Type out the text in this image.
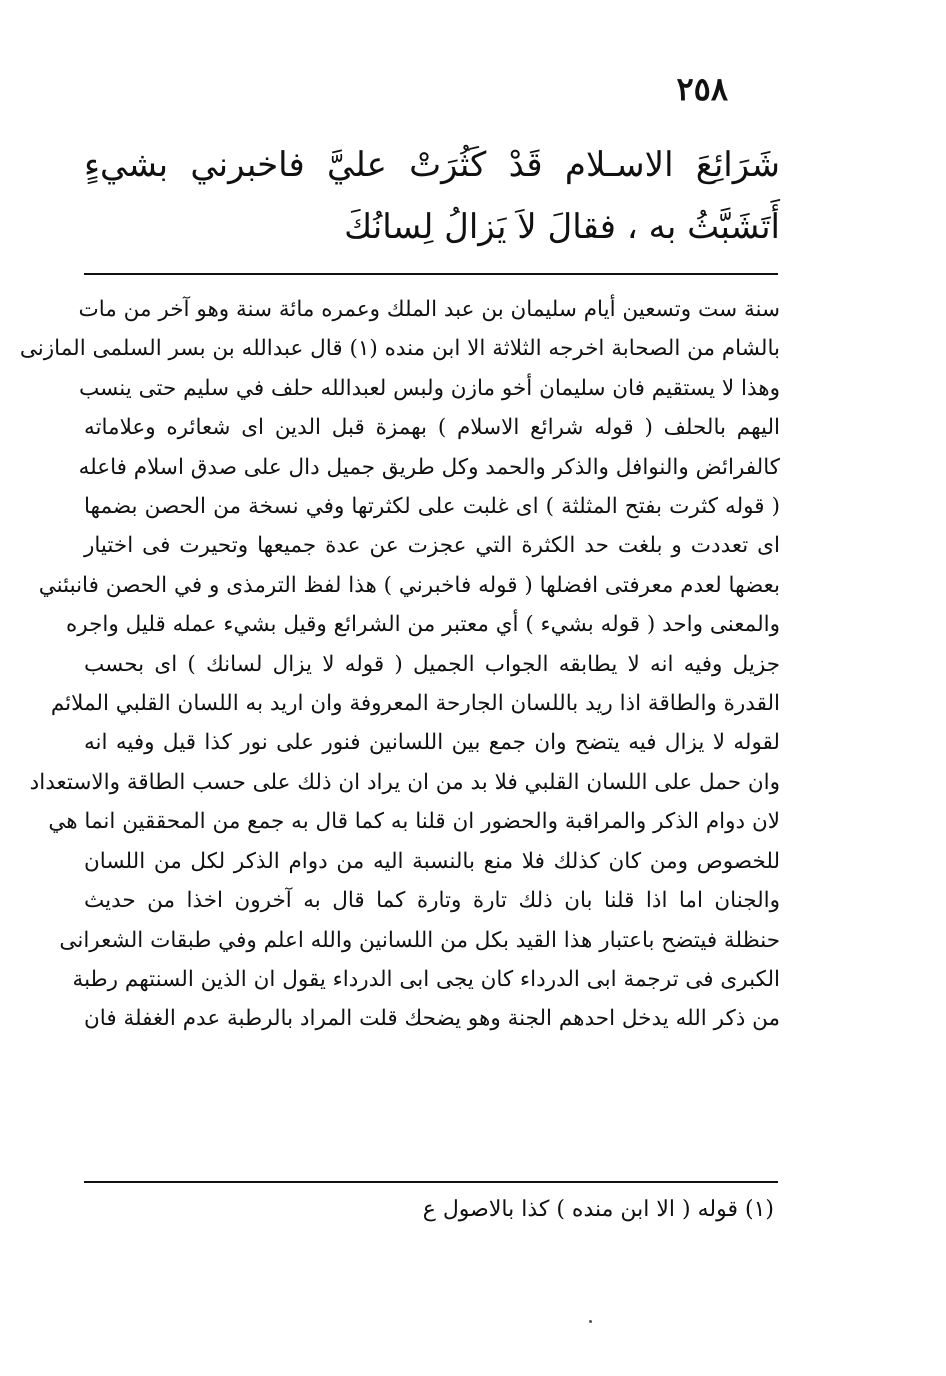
٢٥٨

شَرَائِعَ الاسـلام قَدْ كَثُرَتْ عليَّ فاخبرني بشيءٍ أَتَشَبَّثُ به ، فقالَ لاَ يَزالُ لِسانُكَ

سنة ست وتسعين أيام سليمان بن عبد الملك وعمره مائة سنة وهو آخر من مات
بالشام من الصحابة اخرجه الثلاثة الا ابن منده (١) قال عبدالله بن بسر السلمى المازنى
وهذا لا يستقيم فان سليمان أخو مازن ولبس لعبدالله حلف في سليم حتى ينسب
اليهم بالحلف ( قوله شرائع الاسلام ) بهمزة قبل الدين اى شعائره وعلاماته
كالفرائض والنوافل والذكر والحمد وكل طريق جميل دال على صدق اسلام فاعله
( قوله كثرت بفتح المثلثة ) اى غلبت على لكثرتها وفي نسخة من الحصن بضمها
اى تعددت و بلغت حد الكثرة التي عجزت عن عدة جميعها وتحيرت فى اختيار
بعضها لعدم معرفتى افضلها ( قوله فاخبرني ) هذا لفظ الترمذى و في الحصن فانبئني
والمعنى واحد ( قوله بشيء ) أي معتبر من الشرائع وقيل بشيء عمله قليل واجره
جزيل وفيه انه لا يطابقه الجواب الجميل ( قوله لا يزال لسانك ) اى بحسب
القدرة والطاقة اذا ريد باللسان الجارحة المعروفة وان اريد به اللسان القلبي الملائم
لقوله لا يزال فيه يتضح وان جمع بين اللسانين فنور على نور كذا قيل وفيه انه
وان حمل على اللسان القلبي فلا بد من ان يراد ان ذلك على حسب الطاقة والاستعداد
لان دوام الذكر والمراقبة والحضور ان قلنا به كما قال به جمع من المحققين انما هي
للخصوص ومن كان كذلك فلا منع بالنسبة اليه من دوام الذكر لكل من اللسان
والجنان اما اذا قلنا بان ذلك تارة وتارة كما قال به آخرون اخذا من حديث
حنظلة فيتضح باعتبار هذا القيد بكل من اللسانين والله اعلم وفي طبقات الشعرانى
الكبرى فى ترجمة ابى الدرداء كان يجى ابى الدرداء يقول ان الذين السنتهم رطبة
من ذكر الله يدخل احدهم الجنة وهو يضحك قلت المراد بالرطبة عدم الغفلة فان
(١) قوله ( الا ابن منده ) كذا بالاصول ع
